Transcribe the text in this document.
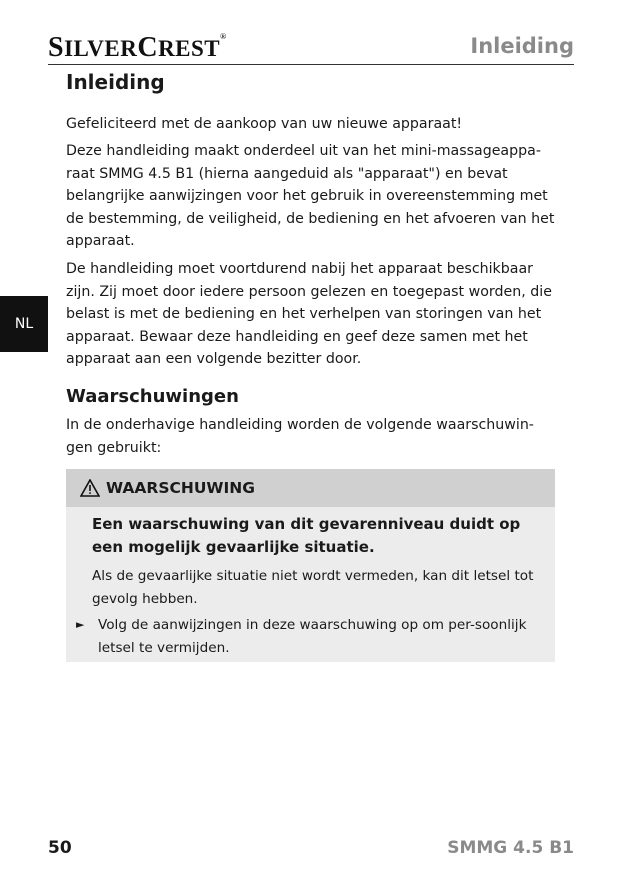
SILVERCREST®	Inleiding
NL
Inleiding

Gefeliciteerd met de aankoop van uw nieuwe apparaat!

Deze handleiding maakt onderdeel uit van het mini-massageappa-raat SMMG 4.5 B1 (hierna aangeduid als "apparaat") en bevat belangrijke aanwijzingen voor het gebruik in overeenstemming met de bestemming, de veiligheid, de bediening en het afvoeren van het apparaat.

De handleiding moet voortdurend nabij het apparaat beschikbaar zijn. Zij moet door iedere persoon gelezen en toegepast worden, die belast is met de bediening en het verhelpen van storingen van het apparaat. Bewaar deze handleiding en geef deze samen met het apparaat aan een volgende bezitter door.

Waarschuwingen

In de onderhavige handleiding worden de volgende waarschuwin-gen gebruikt:

WAARSCHUWING

Een waarschuwing van dit gevarenniveau duidt op een mogelijk gevaarlijke situatie.

Als de gevaarlijke situatie niet wordt vermeden, kan dit letsel tot gevolg hebben.

► Volg de aanwijzingen in deze waarschuwing op om per-soonlijk letsel te vermijden.

50	SMMG 4.5 B1
